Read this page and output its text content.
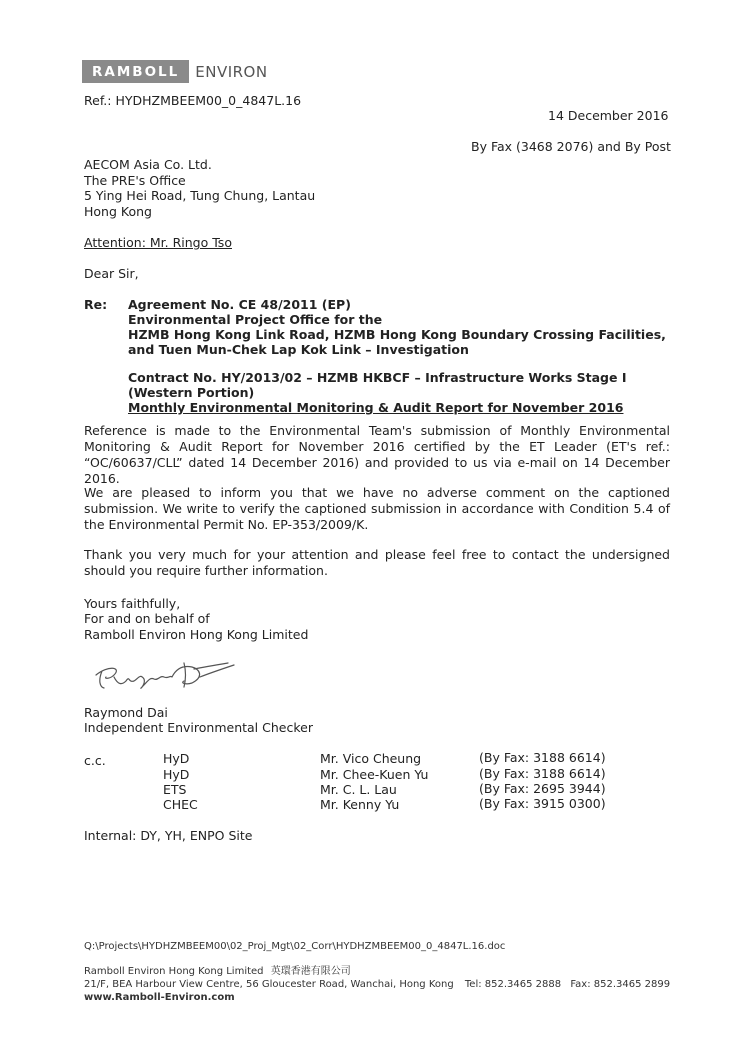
RAMBOLL	ENVIRON
Ref.: HYDHZMBEEM00_0_4847L.16
14 December 2016
By Fax (3468 2076) and By Post
AECOM Asia Co. Ltd.
The PRE's Office
5 Ying Hei Road, Tung Chung, Lantau
Hong Kong
Attention: Mr. Ringo Tso
Dear Sir,
Re: Agreement No. CE 48/2011 (EP)
Environmental Project Office for the
HZMB Hong Kong Link Road, HZMB Hong Kong Boundary Crossing Facilities,
and Tuen Mun-Chek Lap Kok Link – Investigation
Contract No. HY/2013/02 – HZMB HKBCF – Infrastructure Works Stage I
(Western Portion)
Monthly Environmental Monitoring & Audit Report for November 2016

Reference is made to the Environmental Team's submission of Monthly Environmental Monitoring & Audit Report for November 2016 certified by the ET Leader (ET's ref.: “OC/60637/CLL” dated 14 December 2016) and provided to us via e-mail on 14 December 2016.

We are pleased to inform you that we have no adverse comment on the captioned submission. We write to verify the captioned submission in accordance with Condition 5.4 of the Environmental Permit No. EP-353/2009/K.

Thank you very much for your attention and please feel free to contact the undersigned should you require further information.

Yours faithfully,
For and on behalf of
Ramboll Environ Hong Kong Limited
Raymond Dai
Independent Environmental Checker
c.c.	HyD	Mr. Vico Cheung	(By Fax: 3188 6614)
HyD	Mr. Chee-Kuen Yu	(By Fax: 3188 6614)
ETS	Mr. C. L. Lau	(By Fax: 2695 3944)
CHEC	Mr. Kenny Yu	(By Fax: 3915 0300)
Internal: DY, YH, ENPO Site
Q:\Projects\HYDHZMBEEM00\02_Proj_Mgt\02_Corr\HYDHZMBEEM00_0_4847L.16.doc
Ramboll Environ Hong Kong Limited 英環香港有限公司
21/F, BEA Harbour View Centre, 56 Gloucester Road, Wanchai, Hong Kong Tel: 852.3465 2888 Fax: 852.3465 2899
www.Ramboll-Environ.com
